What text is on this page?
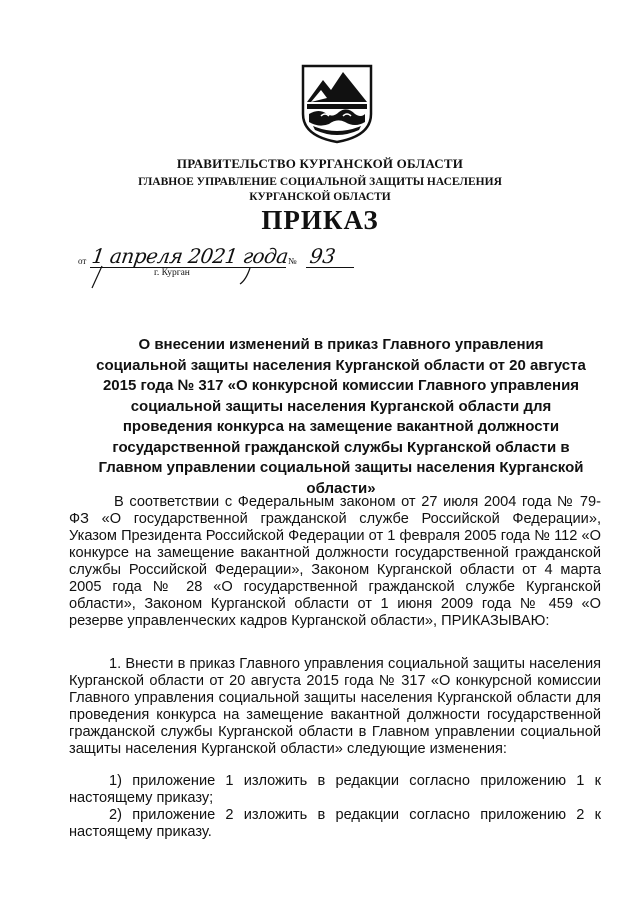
ПРАВИТЕЛЬСТВО КУРГАНСКОЙ ОБЛАСТИ
ГЛАВНОЕ УПРАВЛЕНИЕ СОЦИАЛЬНОЙ ЗАЩИТЫ НАСЕЛЕНИЯ
КУРГАНСКОЙ ОБЛАСТИ
ПРИКАЗ
от 1 апреля 2021 года
№ 93
г. Курган
О внесении изменений в приказ Главного управления социальной защиты населения Курганской области от 20 августа 2015 года № 317 «О конкурсной комиссии Главного управления социальной защиты населения Курганской области для проведения конкурса на замещение вакантной должности государственной гражданской службы Курганской области в Главном управлении социальной защиты населения Курганской области»

В соответствии с Федеральным законом от 27 июля 2004 года № 79- ФЗ «О государственной гражданской службе Российской Федерации», Указом Президента Российской Федерации от 1 февраля 2005 года № 112 «О конкурсе на замещение вакантной должности государственной гражданской службы Российской Федерации», Законом Курганской области от 4 марта 2005 года № 28 «О государственной гражданской службе Курганской области», Законом Курганской области от 1 июня 2009 года № 459 «О резерве управленческих кадров Курганской области», ПРИКАЗЫВАЮ:

1. Внести в приказ Главного управления социальной защиты населения Курганской области от 20 августа 2015 года № 317 «О конкурсной комиссии Главного управления социальной защиты населения Курганской области для проведения конкурса на замещение вакантной должности государственной гражданской службы Курганской области в Главном управлении социальной защиты населения Курганской области» следующие изменения:

1) приложение 1 изложить в редакции согласно приложению 1 к настоящему приказу;

2) приложение 2 изложить в редакции согласно приложению 2 к настоящему приказу.
